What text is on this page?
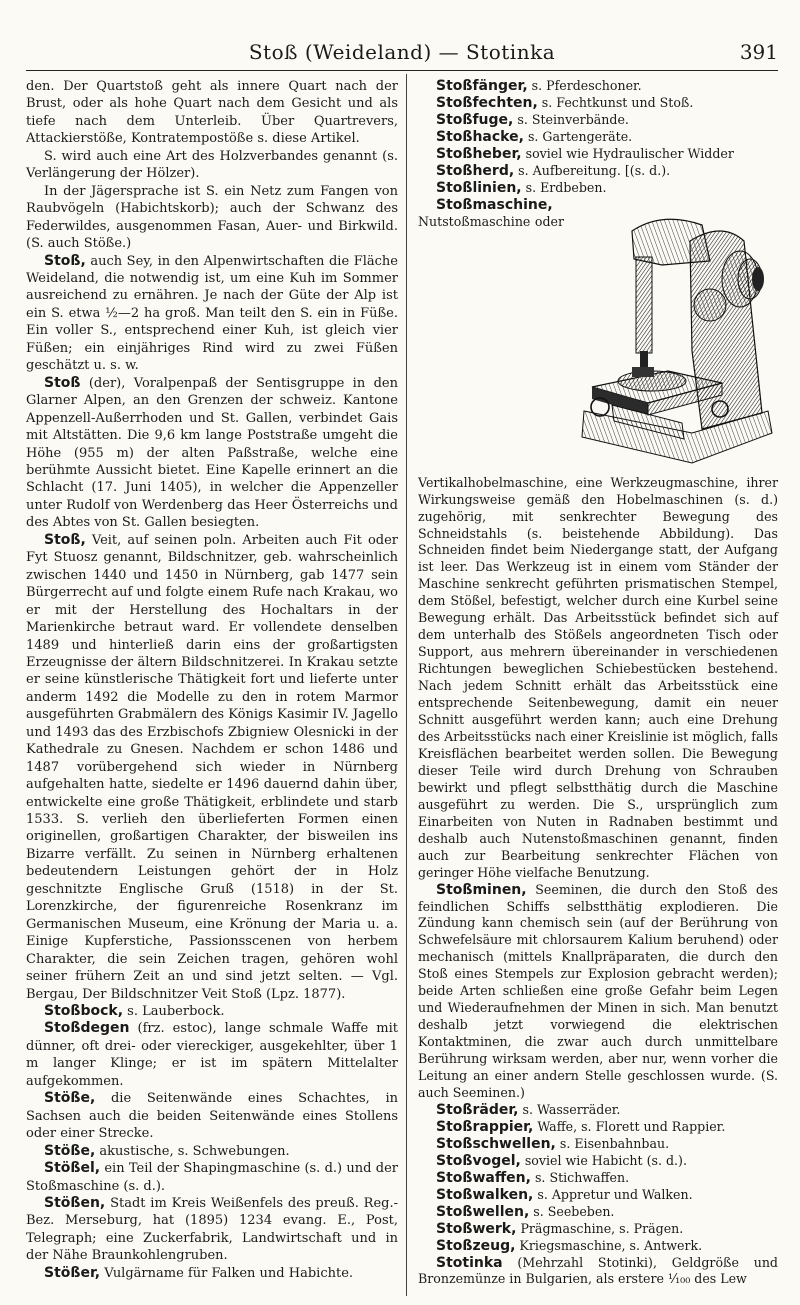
Stoß (Weideland) — Stotinka	391

den. Der Quartstoß geht als innere Quart nach der Brust, oder als hohe Quart nach dem Gesicht und als tiefe nach dem Unterleib. Über Quartrevers, Attackierstöße, Kontratempostöße s. diese Artikel.

S. wird auch eine Art des Holzverbandes genannt (s. Verlängerung der Hölzer).

In der Jägersprache ist S. ein Netz zum Fangen von Raubvögeln (Habichtskorb); auch der Schwanz des Federwildes, ausgenommen Fasan, Auer- und Birkwild. (S. auch Stöße.)

Stoß, auch Sey, in den Alpenwirtschaften die Fläche Weideland, die notwendig ist, um eine Kuh im Sommer ausreichend zu ernähren. Je nach der Güte der Alp ist ein S. etwa ½—2 ha groß. Man teilt den S. ein in Füße. Ein voller S., entsprechend einer Kuh, ist gleich vier Füßen; ein einjähriges Rind wird zu zwei Füßen geschätzt u. s. w.

Stoß (der), Voralpenpaß der Sentisgruppe in den Glarner Alpen, an den Grenzen der schweiz. Kantone Appenzell-Außerrhoden und St. Gallen, verbindet Gais mit Altstätten. Die 9,6 km lange Poststraße umgeht die Höhe (955 m) der alten Paßstraße, welche eine berühmte Aussicht bietet. Eine Kapelle erinnert an die Schlacht (17. Juni 1405), in welcher die Appenzeller unter Rudolf von Werdenberg das Heer Österreichs und des Abtes von St. Gallen besiegten.

Stoß, Veit, auf seinen poln. Arbeiten auch Fit oder Fyt Stuosz genannt, Bildschnitzer, geb. wahrscheinlich zwischen 1440 und 1450 in Nürnberg, gab 1477 sein Bürgerrecht auf und folgte einem Rufe nach Krakau, wo er mit der Herstellung des Hochaltars in der Marienkirche betraut ward. Er vollendete denselben 1489 und hinterließ darin eins der großartigsten Erzeugnisse der ältern Bildschnitzerei. In Krakau setzte er seine künstlerische Thätigkeit fort und lieferte unter anderm 1492 die Modelle zu den in rotem Marmor ausgeführten Grabmälern des Königs Kasimir IV. Jagello und 1493 das des Erzbischofs Zbigniew Olesnicki in der Kathedrale zu Gnesen. Nachdem er schon 1486 und 1487 vorübergehend sich wieder in Nürnberg aufgehalten hatte, siedelte er 1496 dauernd dahin über, entwickelte eine große Thätigkeit, erblindete und starb 1533. S. verlieh den überlieferten Formen einen originellen, großartigen Charakter, der bisweilen ins Bizarre verfällt. Zu seinen in Nürnberg erhaltenen bedeutendern Leistungen gehört der in Holz geschnitzte Englische Gruß (1518) in der St. Lorenzkirche, der figurenreiche Rosenkranz im Germanischen Museum, eine Krönung der Maria u. a. Einige Kupferstiche, Passionsscenen von herbem Charakter, die sein Zeichen tragen, gehören wohl seiner frühern Zeit an und sind jetzt selten. — Vgl. Bergau, Der Bildschnitzer Veit Stoß (Lpz. 1877).

Stoßbock, s. Lauberbock.

Stoßdegen (frz. estoc), lange schmale Waffe mit dünner, oft drei- oder viereckiger, ausgekehlter, über 1 m langer Klinge; er ist im spätern Mittelalter aufgekommen.

Stöße, die Seitenwände eines Schachtes, in Sachsen auch die beiden Seitenwände eines Stollens oder einer Strecke.

Stöße, akustische, s. Schwebungen.

Stößel, ein Teil der Shapingmaschine (s. d.) und der Stoßmaschine (s. d.).

Stößen, Stadt im Kreis Weißenfels des preuß. Reg.-Bez. Merseburg, hat (1895) 1234 evang. E., Post, Telegraph; eine Zuckerfabrik, Landwirtschaft und in der Nähe Braunkohlengruben.

Stößer, Vulgärname für Falken und Habichte.

Stoßfänger, s. Pferdeschoner.

Stoßfechten, s. Fechtkunst und Stoß.

Stoßfuge, s. Steinverbände.

Stoßhacke, s. Gartengeräte.

Stoßheber, soviel wie Hydraulischer Widder

Stoßherd, s. Aufbereitung. [(s. d.).

Stoßlinien, s. Erdbeben.

Stoßmaschine, Nutstoßmaschine oder Vertikalhobelmaschine, eine Werkzeugmaschine, ihrer Wirkungsweise gemäß den Hobelmaschinen (s. d.) zugehörig, mit senkrechter Bewegung des Schneidstahls (s. beistehende Abbildung). Das Schneiden findet beim Niedergange statt, der Aufgang ist leer. Das Werkzeug ist in einem vom Ständer der Maschine senkrecht geführten prismatischen Stempel, dem Stößel, befestigt, welcher durch eine Kurbel seine Bewegung erhält. Das Arbeitsstück befindet sich auf dem unterhalb des Stößels angeordneten Tisch oder Support, aus mehrern übereinander in verschiedenen Richtungen beweglichen Schiebestücken bestehend. Nach jedem Schnitt erhält das Arbeitsstück eine entsprechende Seitenbewegung, damit ein neuer Schnitt ausgeführt werden kann; auch eine Drehung des Arbeitsstücks nach einer Kreislinie ist möglich, falls Kreisflächen bearbeitet werden sollen. Die Bewegung dieser Teile wird durch Drehung von Schrauben bewirkt und pflegt selbstthätig durch die Maschine ausgeführt zu werden. Die S., ursprünglich zum Einarbeiten von Nuten in Radnaben bestimmt und deshalb auch Nutenstoßmaschinen genannt, finden auch zur Bearbeitung senkrechter Flächen von geringer Höhe vielfache Benutzung.

Stoßminen, Seeminen, die durch den Stoß des feindlichen Schiffs selbstthätig explodieren. Die Zündung kann chemisch sein (auf der Berührung von Schwefelsäure mit chlorsaurem Kalium beruhend) oder mechanisch (mittels Knallpräparaten, die durch den Stoß eines Stempels zur Explosion gebracht werden); beide Arten schließen eine große Gefahr beim Legen und Wiederaufnehmen der Minen in sich. Man benutzt deshalb jetzt vorwiegend die elektrischen Kontaktminen, die zwar auch durch unmittelbare Berührung wirksam werden, aber nur, wenn vorher die Leitung an einer andern Stelle geschlossen wurde. (S. auch Seeminen.)

Stoßräder, s. Wasserräder.

Stoßrappier, Waffe, s. Florett und Rappier.

Stoßschwellen, s. Eisenbahnbau.

Stoßvogel, soviel wie Habicht (s. d.).

Stoßwaffen, s. Stichwaffen.

Stoßwalken, s. Appretur und Walken.

Stoßwellen, s. Seebeben.

Stoßwerk, Prägmaschine, s. Prägen.

Stoßzeug, Kriegsmaschine, s. Antwerk.

Stotinka (Mehrzahl Stotinki), Geldgröße und Bronzemünze in Bulgarien, als erstere ¹⁄₁₀₀ des Lew
